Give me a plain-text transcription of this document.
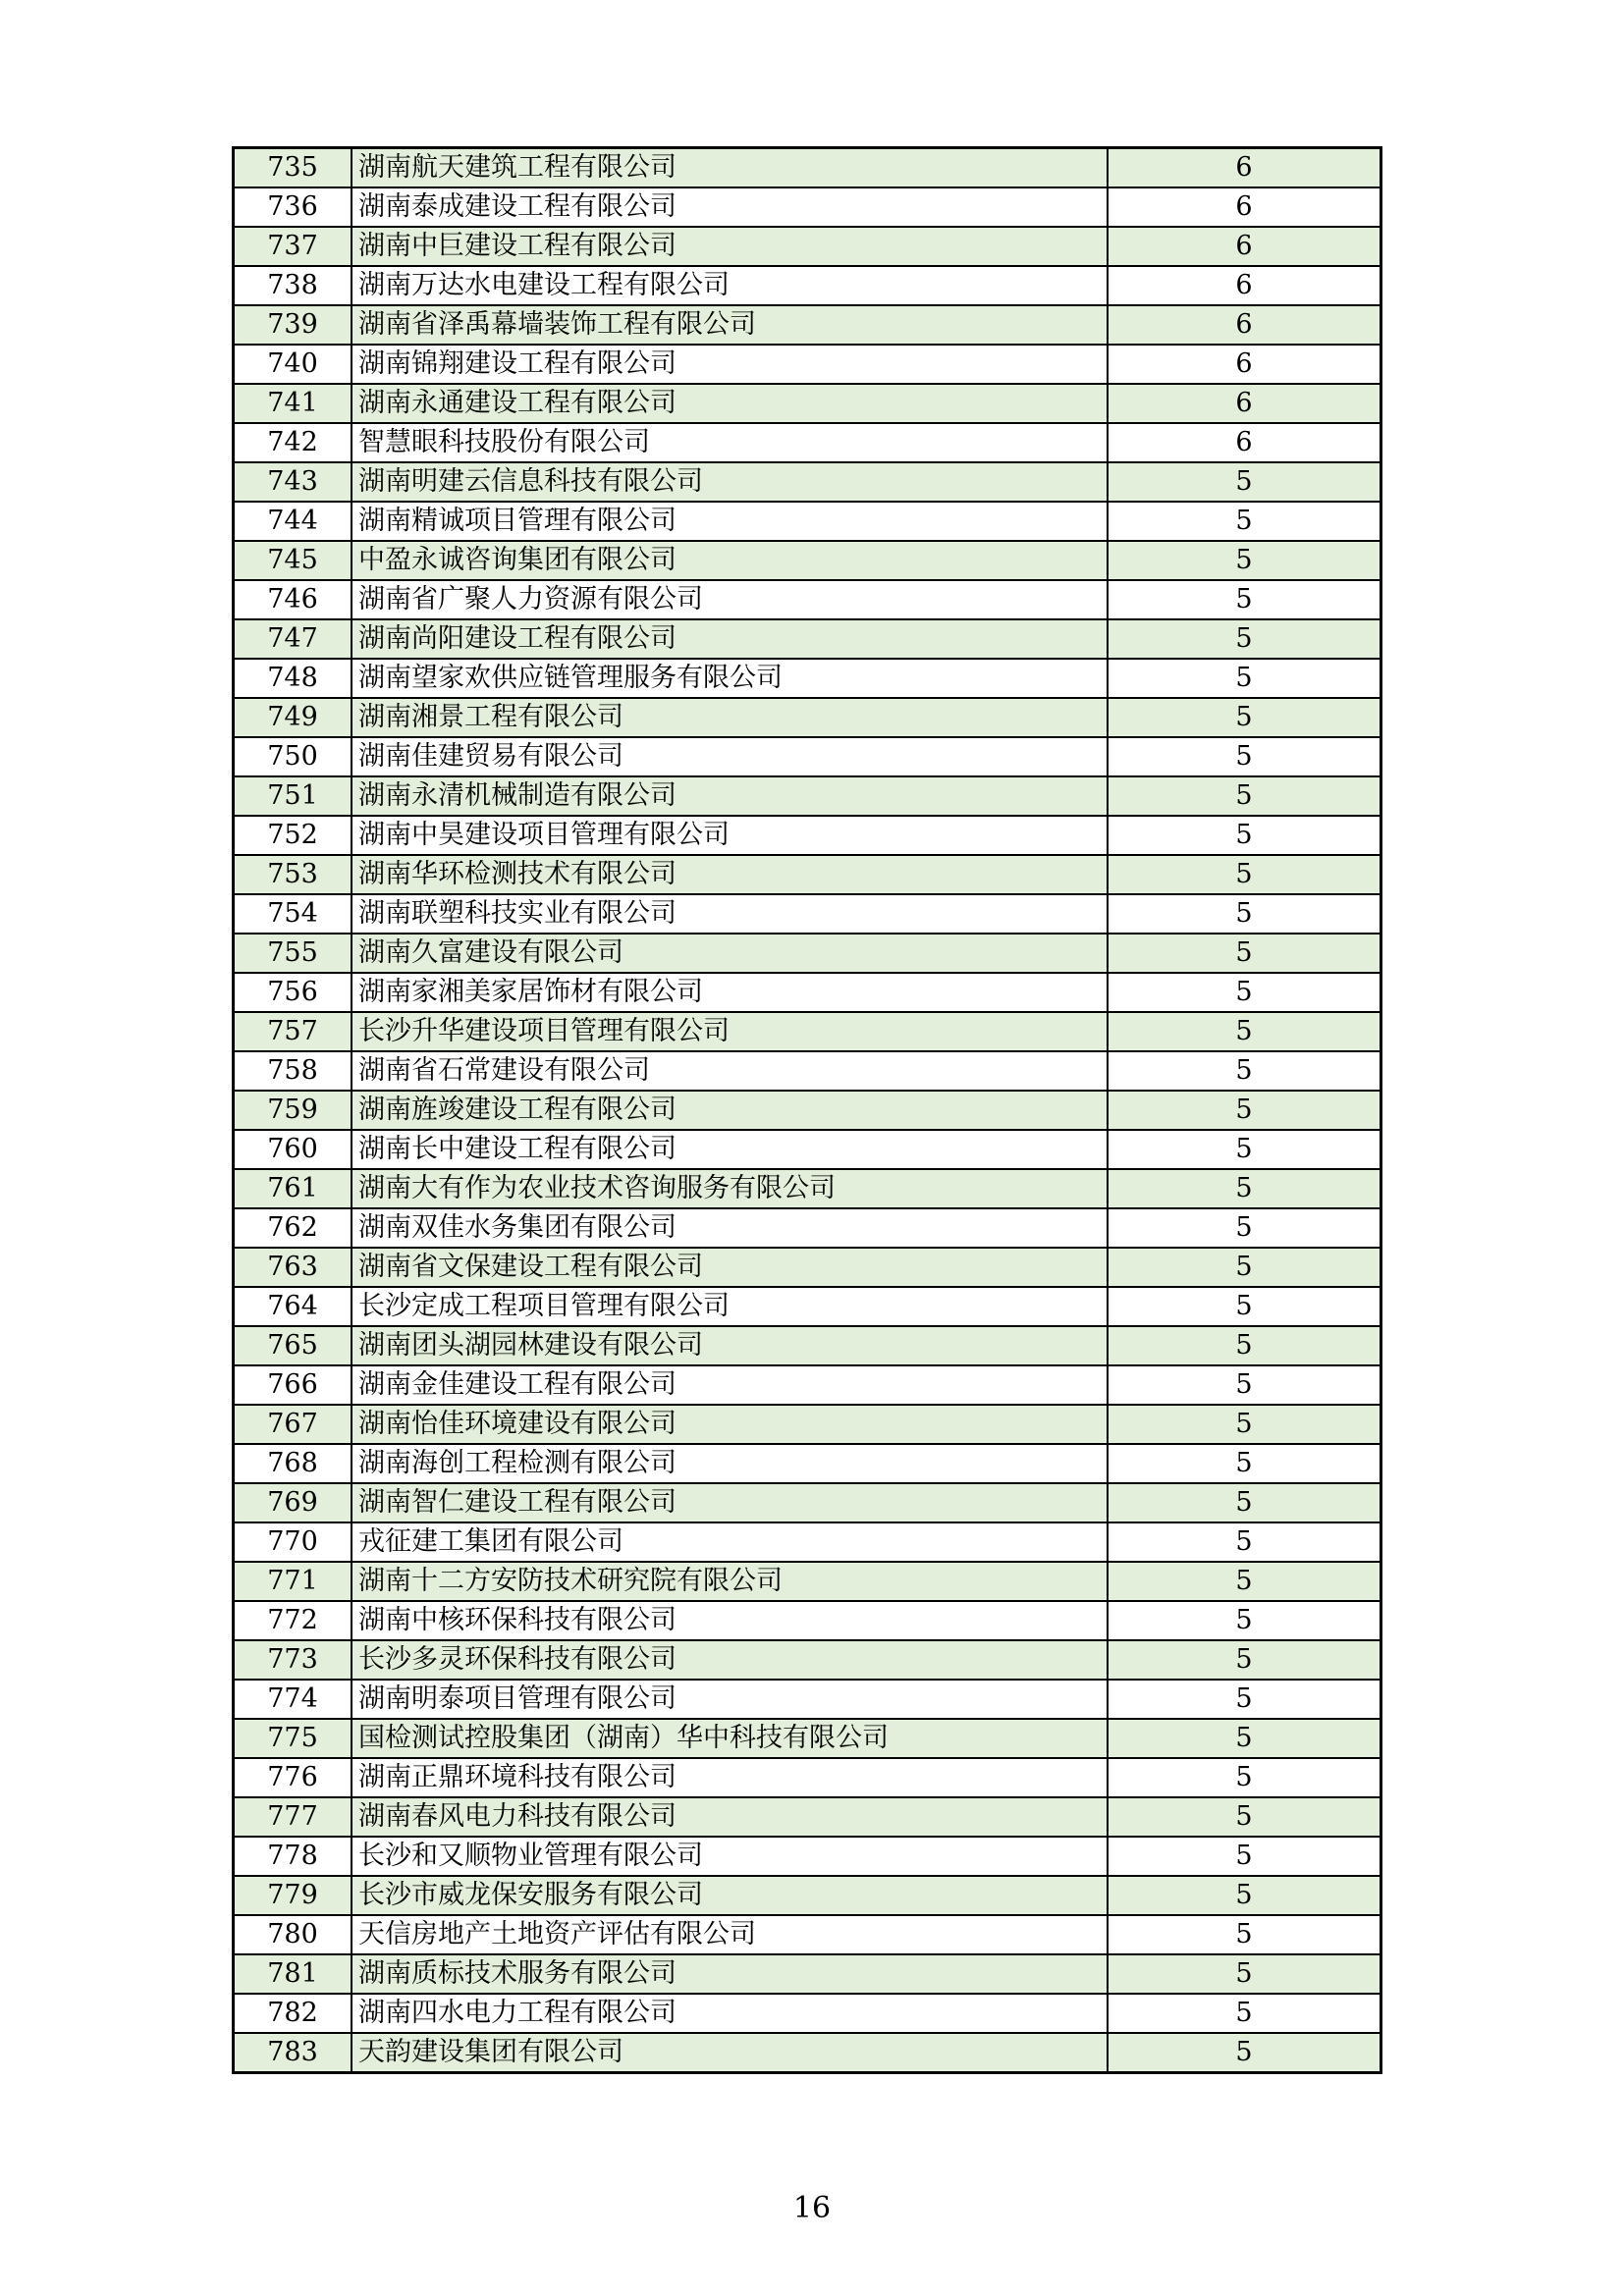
735	湖南航天建筑工程有限公司	6
736	湖南泰成建设工程有限公司	6
737	湖南中巨建设工程有限公司	6
738	湖南万达水电建设工程有限公司	6
739	湖南省泽禹幕墙装饰工程有限公司	6
740	湖南锦翔建设工程有限公司	6
741	湖南永通建设工程有限公司	6
742	智慧眼科技股份有限公司	6
743	湖南明建云信息科技有限公司	5
744	湖南精诚项目管理有限公司	5
745	中盈永诚咨询集团有限公司	5
746	湖南省广聚人力资源有限公司	5
747	湖南尚阳建设工程有限公司	5
748	湖南望家欢供应链管理服务有限公司	5
749	湖南湘景工程有限公司	5
750	湖南佳建贸易有限公司	5
751	湖南永清机械制造有限公司	5
752	湖南中昊建设项目管理有限公司	5
753	湖南华环检测技术有限公司	5
754	湖南联塑科技实业有限公司	5
755	湖南久富建设有限公司	5
756	湖南家湘美家居饰材有限公司	5
757	长沙升华建设项目管理有限公司	5
758	湖南省石常建设有限公司	5
759	湖南旌竣建设工程有限公司	5
760	湖南长中建设工程有限公司	5
761	湖南大有作为农业技术咨询服务有限公司	5
762	湖南双佳水务集团有限公司	5
763	湖南省文保建设工程有限公司	5
764	长沙定成工程项目管理有限公司	5
765	湖南团头湖园林建设有限公司	5
766	湖南金佳建设工程有限公司	5
767	湖南怡佳环境建设有限公司	5
768	湖南海创工程检测有限公司	5
769	湖南智仁建设工程有限公司	5
770	戎征建工集团有限公司	5
771	湖南十二方安防技术研究院有限公司	5
772	湖南中核环保科技有限公司	5
773	长沙多灵环保科技有限公司	5
774	湖南明泰项目管理有限公司	5
775	国检测试控股集团（湖南）华中科技有限公司	5
776	湖南正鼎环境科技有限公司	5
777	湖南春风电力科技有限公司	5
778	长沙和又顺物业管理有限公司	5
779	长沙市威龙保安服务有限公司	5
780	天信房地产土地资产评估有限公司	5
781	湖南质标技术服务有限公司	5
782	湖南四水电力工程有限公司	5
783	天韵建设集团有限公司	5
16
